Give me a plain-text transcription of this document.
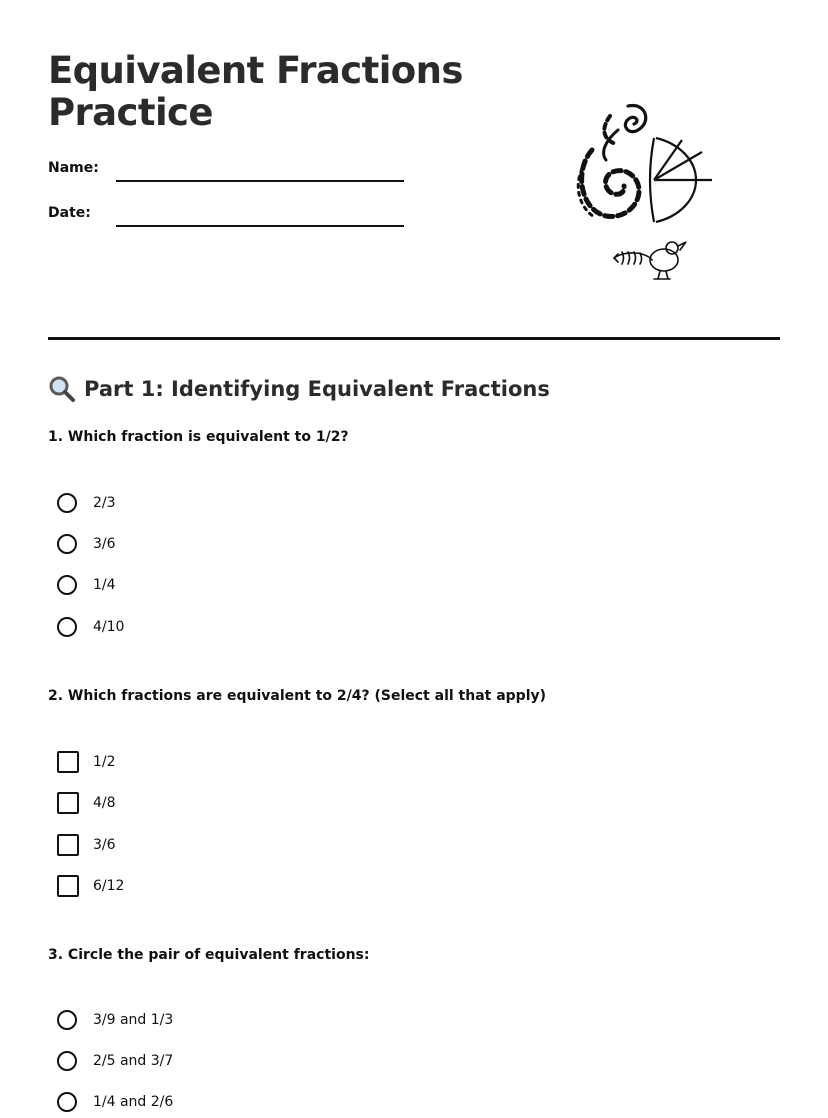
Equivalent Fractions Practice
Name:
Date:
Part 1: Identifying Equivalent Fractions
1. Which fraction is equivalent to 1/2?
2/3
3/6
1/4
4/10
2. Which fractions are equivalent to 2/4? (Select all that apply)
1/2
4/8
3/6
6/12
3. Circle the pair of equivalent fractions:
3/9 and 1/3
2/5 and 3/7
1/4 and 2/6
